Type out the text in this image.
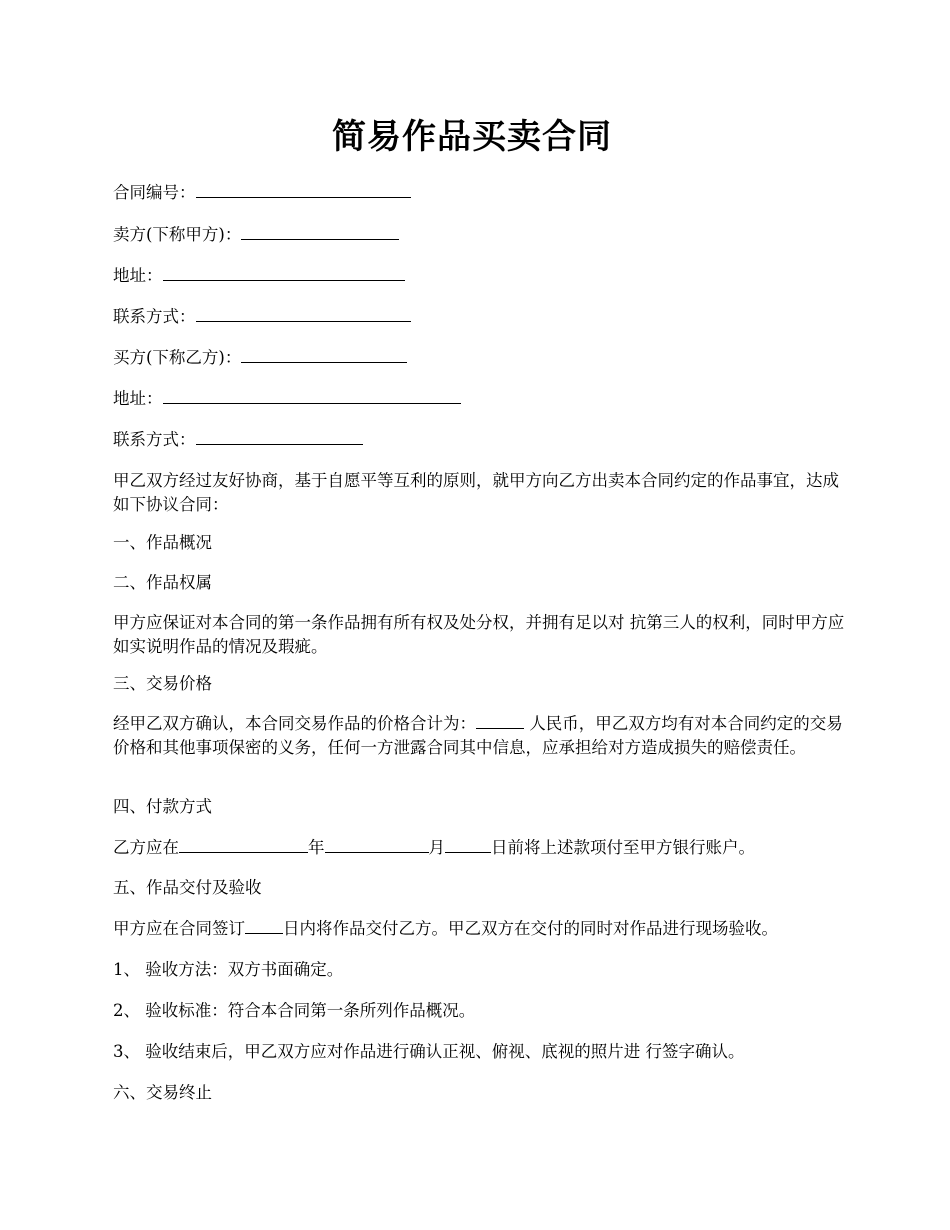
简易作品买卖合同
合同编号：
卖方(下称甲方)：
地址：
联系方式：
买方(下称乙方)：
地址：
联系方式：
甲乙双方经过友好协商，基于自愿平等互利的原则，就甲方向乙方出卖本合同约定的作品事宜，达成如下协议合同：
一、作品概况
二、作品权属
甲方应保证对本合同的第一条作品拥有所有权及处分权，并拥有足以对 抗第三人的权利，同时甲方应如实说明作品的情况及瑕疵。
三、交易价格
经甲乙双方确认，本合同交易作品的价格合计为：	人民币，甲乙双方均有对本合同约定的交易价格和其他事项保密的义务，任何一方泄露合同其中信息，应承担给对方造成损失的赔偿责任。
四、付款方式
乙方应在	年	月	日前将上述款项付至甲方银行账户。
五、作品交付及验收
甲方应在合同签订 日内将作品交付乙方。甲乙双方在交付的同时对作品进行现场验收。
1、 验收方法：双方书面确定。
2、 验收标准：符合本合同第一条所列作品概况。
3、 验收结束后，甲乙双方应对作品进行确认正视、俯视、底视的照片进 行签字确认。
六、交易终止
